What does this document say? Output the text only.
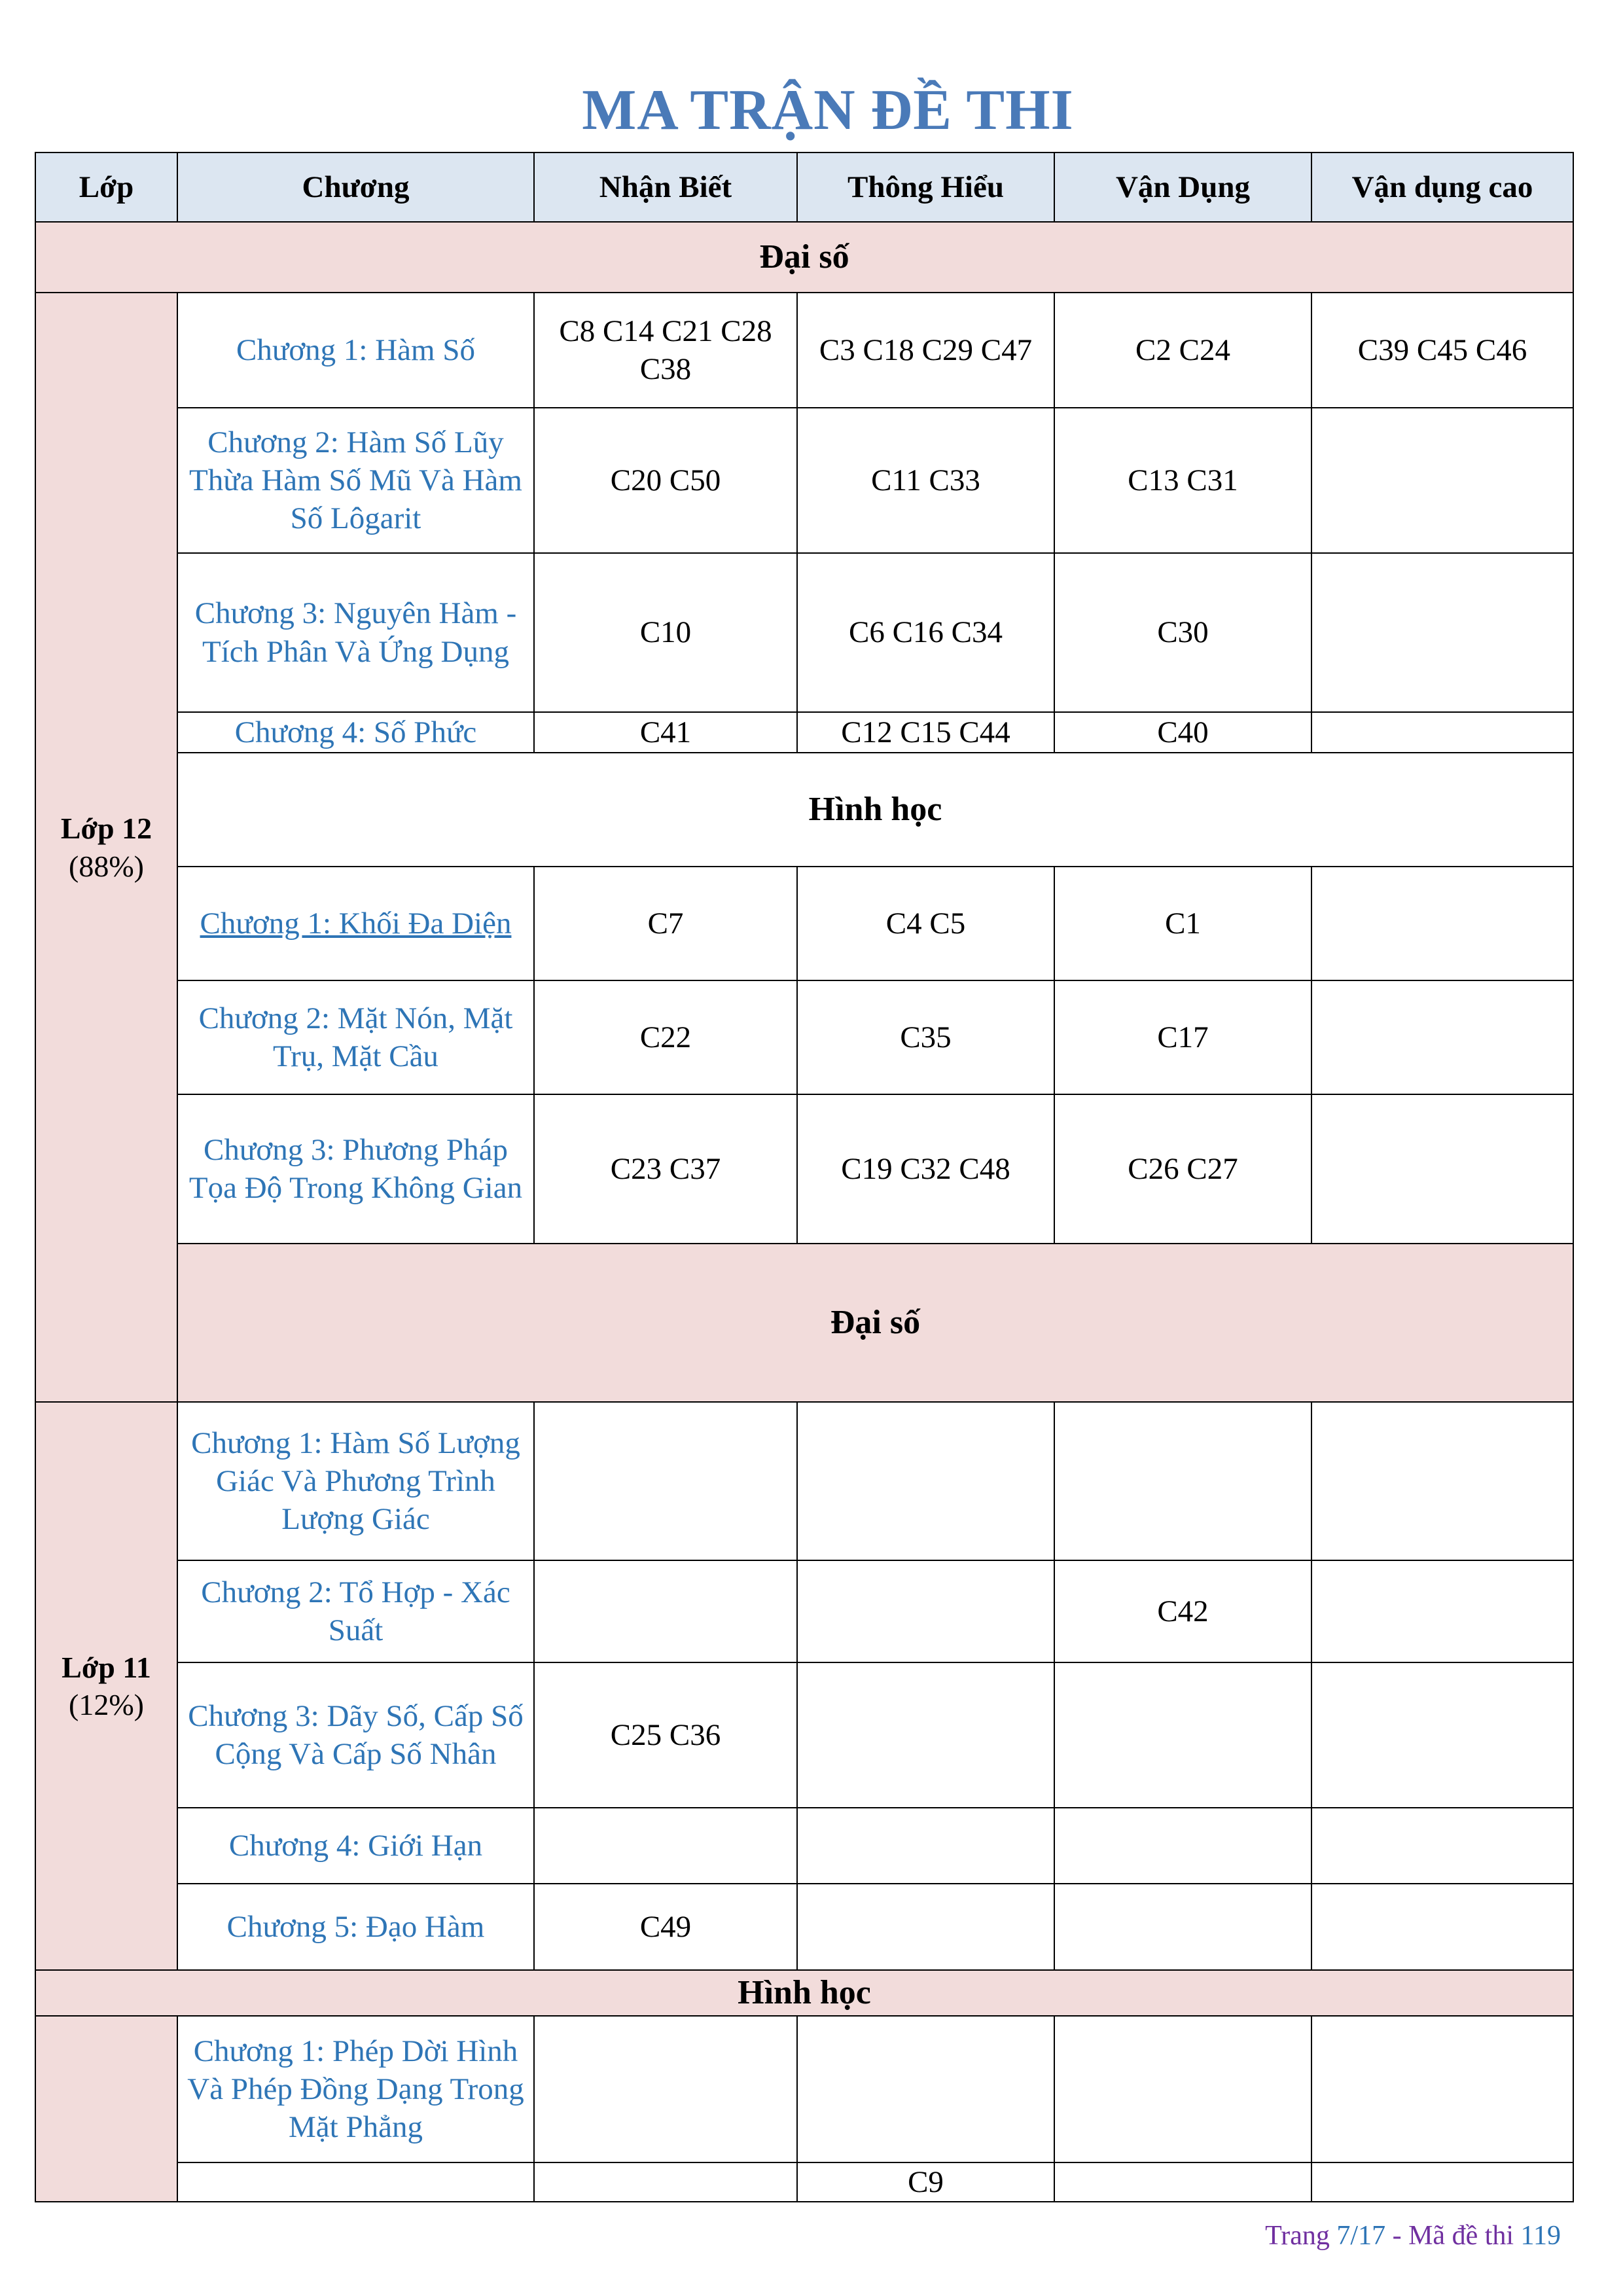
MA TRẬN ĐỀ THI
Lớp	Chương	Nhận Biết	Thông Hiểu	Vận Dụng	Vận dụng cao
Đại số					
Lớp 12
(88%)	Chương 1: Hàm Số	C8 C14 C21 C28 C38	C3 C18 C29 C47	C2 C24	C39 C45 C46
	Chương 2: Hàm Số Lũy Thừa Hàm Số Mũ Và Hàm Số Lôgarit	C20 C50	C11 C33	C13 C31	
	Chương 3: Nguyên Hàm - Tích Phân Và Ứng Dụng	C10	C6 C16 C34	C30	
	Chương 4: Số Phức	C41	C12 C15 C44	C40	
	Hình học				
	Chương 1: Khối Đa Diện	C7	C4 C5	C1	
	Chương 2: Mặt Nón, Mặt Trụ, Mặt Cầu	C22	C35	C17	
	Chương 3: Phương Pháp Tọa Độ Trong Không Gian	C23 C37	C19 C32 C48	C26 C27	
	Đại số				
Lớp 11
(12%)	Chương 1: Hàm Số Lượng Giác Và Phương Trình Lượng Giác				
	Chương 2: Tổ Hợp - Xác Suất			C42	
	Chương 3: Dãy Số, Cấp Số Cộng Và Cấp Số Nhân	C25 C36			
	Chương 4: Giới Hạn				
	Chương 5: Đạo Hàm	C49			
Hình học					
	Chương 1: Phép Dời Hình Và Phép Đồng Dạng Trong Mặt Phẳng				
			C9		
Trang 7/17 - Mã đề thi 119
